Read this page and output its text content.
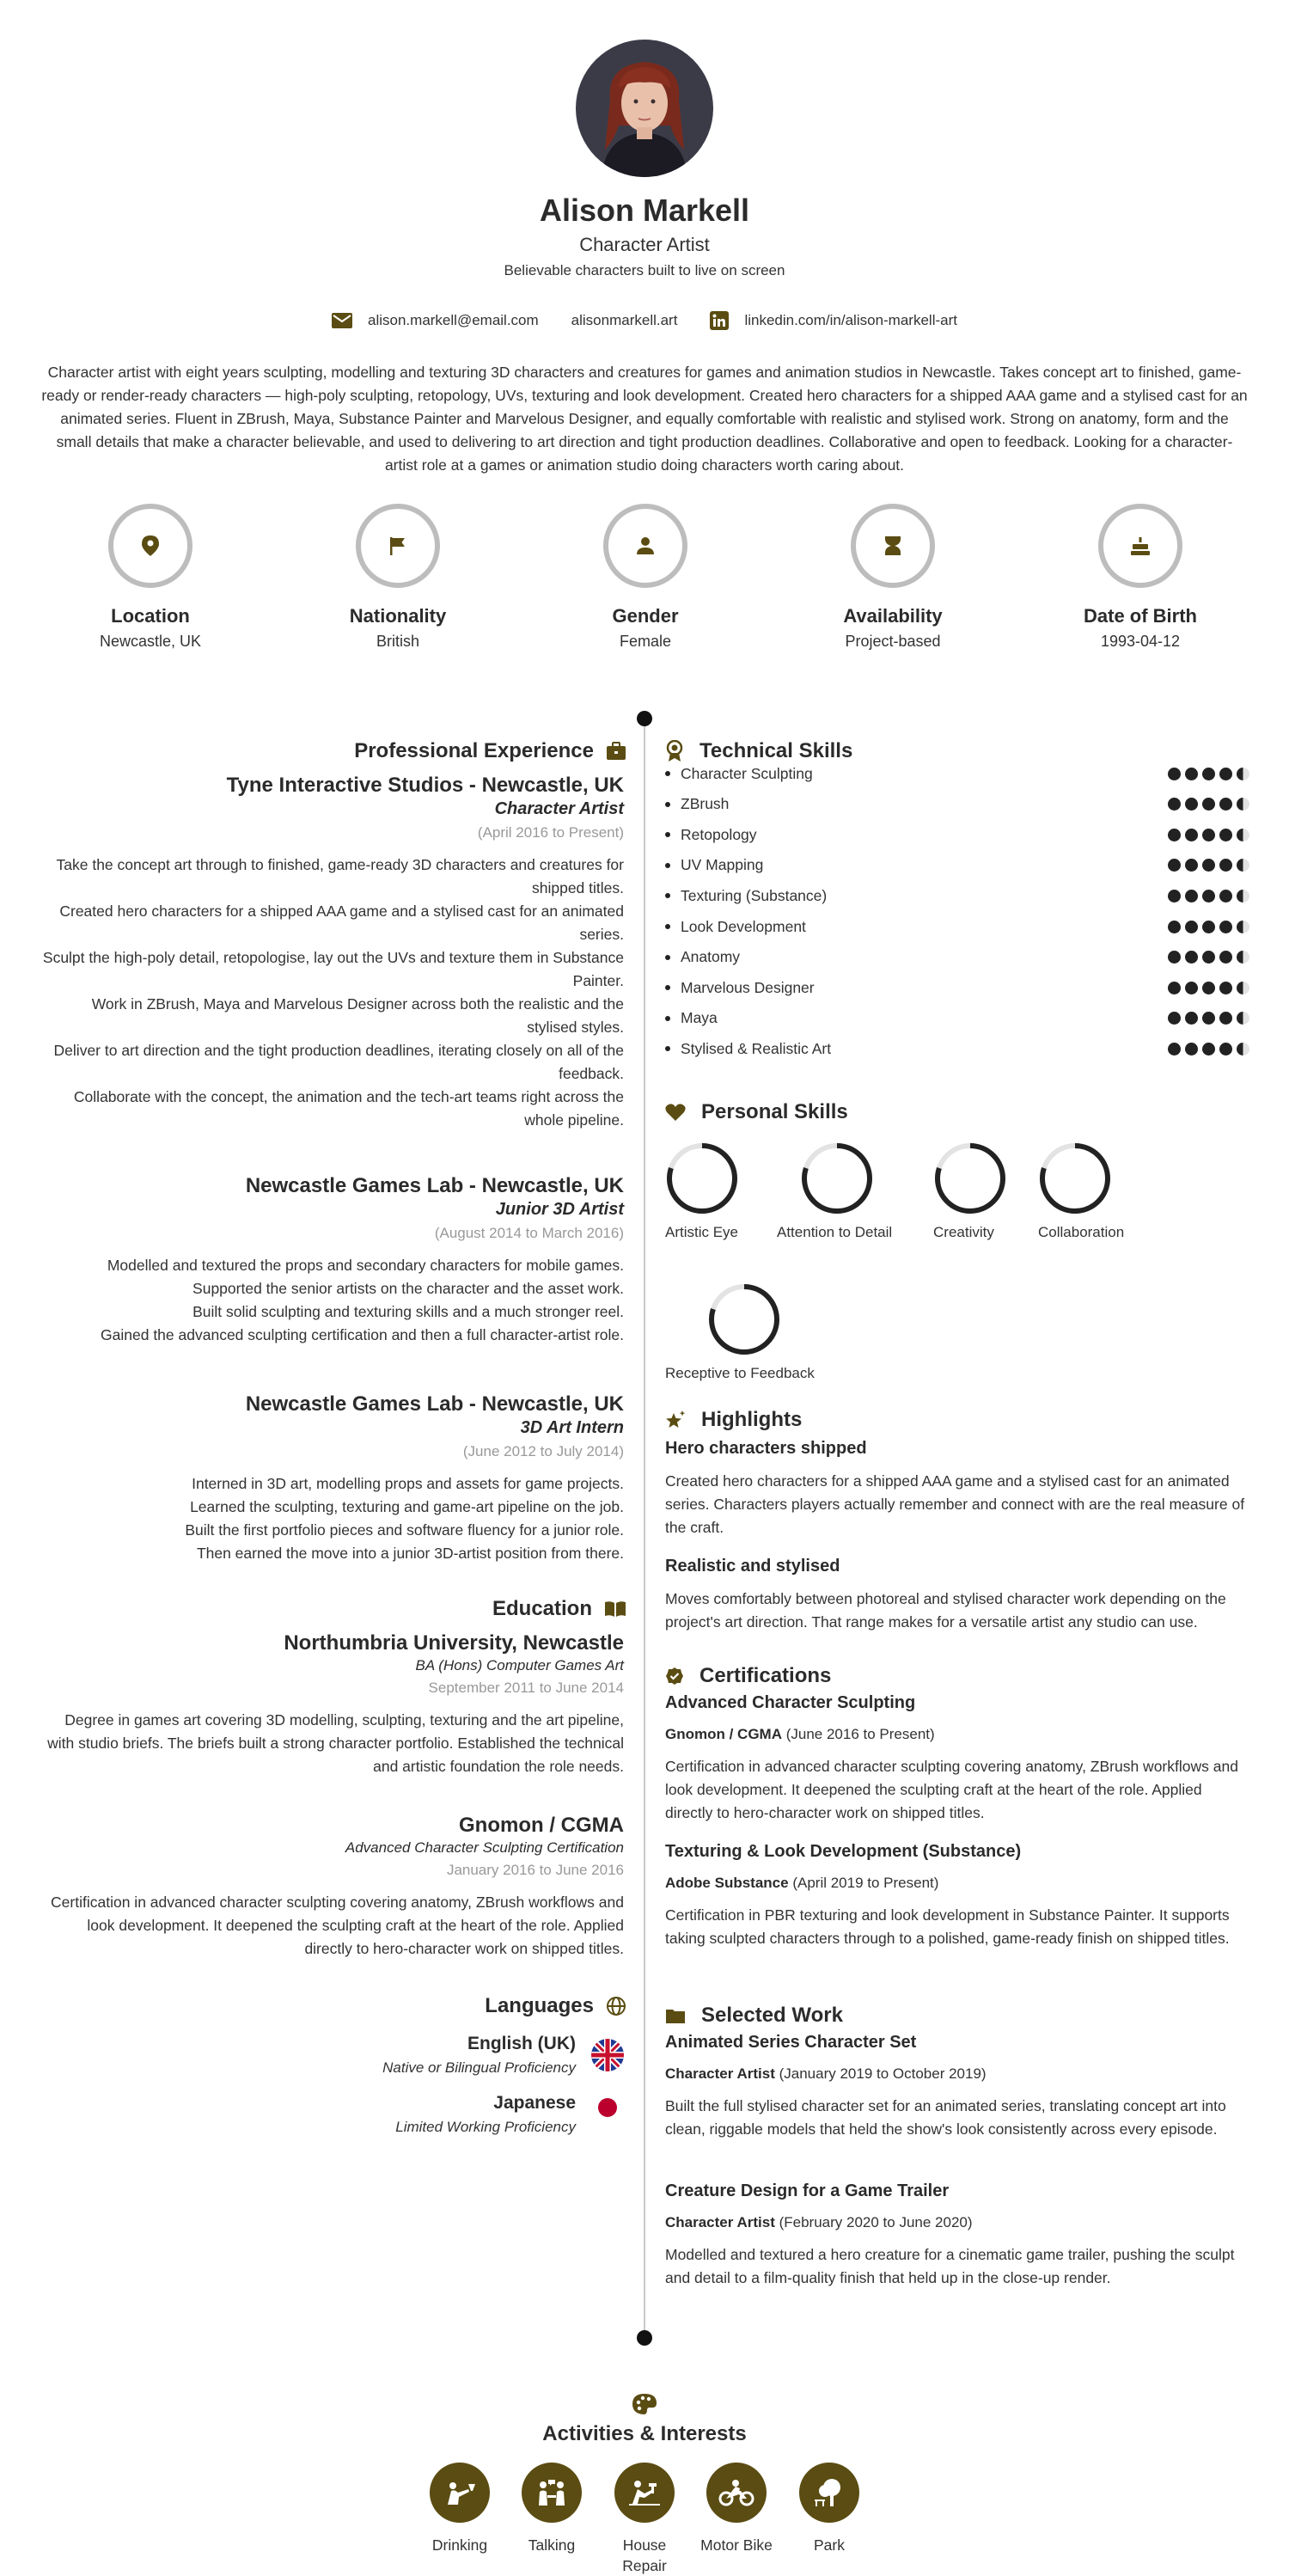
Alison Markell
Character Artist
Believable characters built to live on screen
alison.markell@email.com alisonmarkell.art	linkedin.com/in/alison-markell-art
Character artist with eight years sculpting, modelling and texturing 3D characters and creatures for games and animation studios in Newcastle. Takes concept art to finished, game-ready or render-ready characters — high-poly sculpting, retopology, UVs, texturing and look development. Created hero characters for a shipped AAA game and a stylised cast for an animated series. Fluent in ZBrush, Maya, Substance Painter and Marvelous Designer, and equally comfortable with realistic and stylised work. Strong on anatomy, form and the small details that make a character believable, and used to delivering to art direction and tight production deadlines. Collaborative and open to feedback. Looking for a character-artist role at a games or animation studio doing characters worth caring about.
Location
Newcastle, UK
Nationality
British
Gender
Female
Availability
Project-based
Date of Birth
1993-04-12
Professional Experience
Tyne Interactive Studios - Newcastle, UK
Character Artist
(April 2016 to Present)
Take the concept art through to finished, game-ready 3D characters and creatures for shipped titles.
Created hero characters for a shipped AAA game and a stylised cast for an animated series.
Sculpt the high-poly detail, retopologise, lay out the UVs and texture them in Substance Painter.
Work in ZBrush, Maya and Marvelous Designer across both the realistic and the stylised styles.
Deliver to art direction and the tight production deadlines, iterating closely on all of the feedback.
Collaborate with the concept, the animation and the tech-art teams right across the whole pipeline.
Newcastle Games Lab - Newcastle, UK
Junior 3D Artist
(August 2014 to March 2016)
Modelled and textured the props and secondary characters for mobile games.
Supported the senior artists on the character and the asset work.
Built solid sculpting and texturing skills and a much stronger reel.
Gained the advanced sculpting certification and then a full character-artist role.
Newcastle Games Lab - Newcastle, UK
3D Art Intern
(June 2012 to July 2014)
Interned in 3D art, modelling props and assets for game projects.
Learned the sculpting, texturing and game-art pipeline on the job.
Built the first portfolio pieces and software fluency for a junior role.
Then earned the move into a junior 3D-artist position from there.
Education
Northumbria University, Newcastle
BA (Hons) Computer Games Art
September 2011 to June 2014
Degree in games art covering 3D modelling, sculpting, texturing and the art pipeline, with studio briefs. The briefs built a strong character portfolio. Established the technical and artistic foundation the role needs.
Gnomon / CGMA
Advanced Character Sculpting Certification
January 2016 to June 2016
Certification in advanced character sculpting covering anatomy, ZBrush workflows and look development. It deepened the sculpting craft at the heart of the role. Applied directly to hero-character work on shipped titles.
Languages
English (UK)
Native or Bilingual Proficiency
Japanese
Limited Working Proficiency
Technical Skills
Character Sculpting
ZBrush
Retopology
UV Mapping
Texturing (Substance)
Look Development
Anatomy
Marvelous Designer
Maya
Stylised & Realistic Art
Personal Skills
Artistic Eye	Attention to Detail	Creativity	Collaboration
Receptive to Feedback
Highlights
Hero characters shipped
Created hero characters for a shipped AAA game and a stylised cast for an animated series. Characters players actually remember and connect with are the real measure of the craft.
Realistic and stylised
Moves comfortably between photoreal and stylised character work depending on the project's art direction. That range makes for a versatile artist any studio can use.
Certifications
Advanced Character Sculpting
Gnomon / CGMA (June 2016 to Present)
Certification in advanced character sculpting covering anatomy, ZBrush workflows and look development. It deepened the sculpting craft at the heart of the role. Applied directly to hero-character work on shipped titles.
Texturing & Look Development (Substance)
Adobe Substance (April 2019 to Present)
Certification in PBR texturing and look development in Substance Painter. It supports taking sculpted characters through to a polished, game-ready finish on shipped titles.
Selected Work
Animated Series Character Set
Character Artist (January 2019 to October 2019)
Built the full stylised character set for an animated series, translating concept art into clean, riggable models that held the show's look consistently across every episode.
Creature Design for a Game Trailer
Character Artist (February 2020 to June 2020)
Modelled and textured a hero creature for a cinematic game trailer, pushing the sculpt and detail to a film-quality finish that held up in the close-up render.
Activities & Interests
Drinking	Talking	House Repair
Motor Bike	Park
